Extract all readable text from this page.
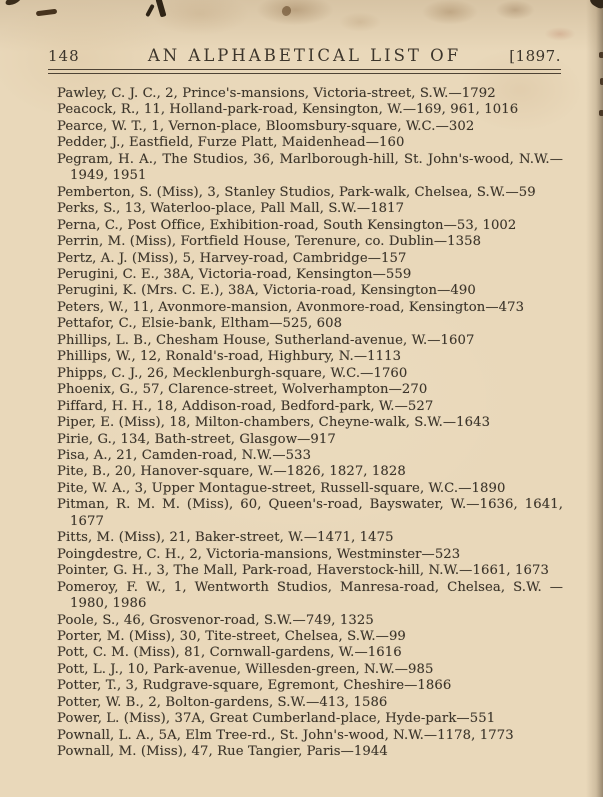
148	AN ALPHABETICAL LIST OF	[1897.

Pawley, C. J. C., 2, Prince's-mansions, Victoria-street, S.W.—1792

Peacock, R., 11, Holland-park-road, Kensington, W.—169, 961, 1016

Pearce, W. T., 1, Vernon-place, Bloomsbury-square, W.C.—302

Pedder, J., Eastfield, Furze Platt, Maidenhead—160

Pegram, H. A., The Studios, 36, Marlborough-hill, St. John's-wood, N.W.—1949, 1951

Pemberton, S. (Miss), 3, Stanley Studios, Park-walk, Chelsea, S.W.—59

Perks, S., 13, Waterloo-place, Pall Mall, S.W.—1817

Perna, C., Post Office, Exhibition-road, South Kensington—53, 1002

Perrin, M. (Miss), Fortfield House, Terenure, co. Dublin—1358

Pertz, A. J. (Miss), 5, Harvey-road, Cambridge—157

Perugini, C. E., 38A, Victoria-road, Kensington—559

Perugini, K. (Mrs. C. E.), 38A, Victoria-road, Kensington—490

Peters, W., 11, Avonmore-mansion, Avonmore-road, Kensington—473

Pettafor, C., Elsie-bank, Eltham—525, 608

Phillips, L. B., Chesham House, Sutherland-avenue, W.—1607

Phillips, W., 12, Ronald's-road, Highbury, N.—1113

Phipps, C. J., 26, Mecklenburgh-square, W.C.—1760

Phoenix, G., 57, Clarence-street, Wolverhampton—270

Piffard, H. H., 18, Addison-road, Bedford-park, W.—527

Piper, E. (Miss), 18, Milton-chambers, Cheyne-walk, S.W.—1643

Pirie, G., 134, Bath-street, Glasgow—917

Pisa, A., 21, Camden-road, N.W.—533

Pite, B., 20, Hanover-square, W.—1826, 1827, 1828

Pite, W. A., 3, Upper Montague-street, Russell-square, W.C.—1890

Pitman, R. M. M. (Miss), 60, Queen's-road, Bayswater, W.—1636, 1641, 1677

Pitts, M. (Miss), 21, Baker-street, W.—1471, 1475

Poingdestre, C. H., 2, Victoria-mansions, Westminster—523

Pointer, G. H., 3, The Mall, Park-road, Haverstock-hill, N.W.—1661, 1673

Pomeroy, F. W., 1, Wentworth Studios, Manresa-road, Chelsea, S.W. —1980, 1986

Poole, S., 46, Grosvenor-road, S.W.—749, 1325

Porter, M. (Miss), 30, Tite-street, Chelsea, S.W.—99

Pott, C. M. (Miss), 81, Cornwall-gardens, W.—1616

Pott, L. J., 10, Park-avenue, Willesden-green, N.W.—985

Potter, T., 3, Rudgrave-square, Egremont, Cheshire—1866

Potter, W. B., 2, Bolton-gardens, S.W.—413, 1586

Power, L. (Miss), 37A, Great Cumberland-place, Hyde-park—551

Pownall, L. A., 5A, Elm Tree-rd., St. John's-wood, N.W.—1178, 1773

Pownall, M. (Miss), 47, Rue Tangier, Paris—1944
